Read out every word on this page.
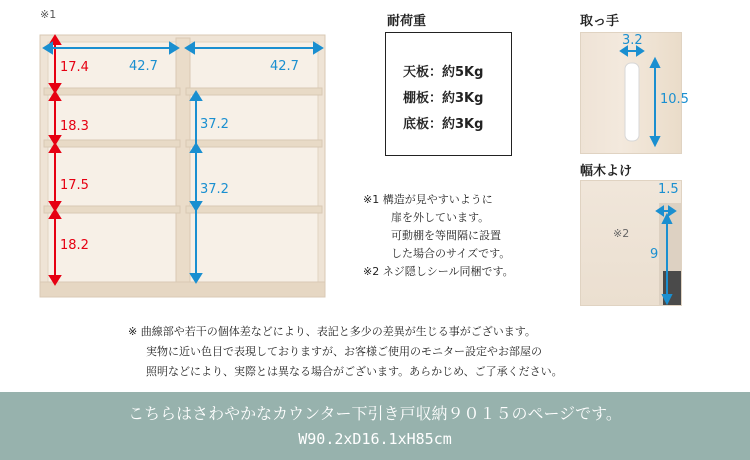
※1
17.4
18.3
17.5
18.2
42.7	42.7
37.2
37.2
耐荷重
天板：約5Kg
棚板：約3Kg
底板：約3Kg
取っ手
3.2
10.5
幅木よけ
※2
1.5
9
※1 構造が見やすいように
扉を外しています。
可動棚を等間隔に設置
した場合のサイズです。
※2 ネジ隠しシール同梱です。
※ 曲線部や若干の個体差などにより、表記と多少の差異が生じる事がございます。
実物に近い色目で表現しておりますが、お客様ご使用のモニター設定やお部屋の
照明などにより、実際とは異なる場合がございます。あらかじめ、ご了承ください。
こちらはさわやかなカウンター下引き戸収納９０１５のページです。
W90.2xD16.1xH85cm
